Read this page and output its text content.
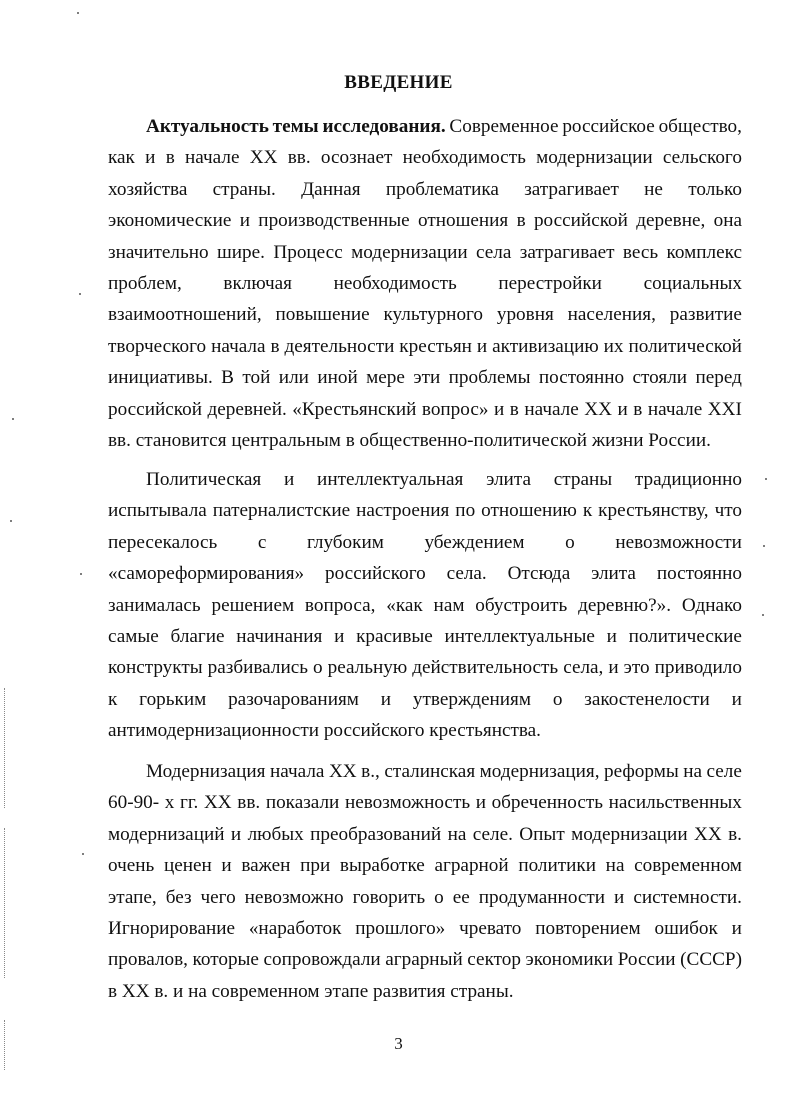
ВВЕДЕНИЕ
Актуальность темы исследования. Современное российское общество,
как и в начале XX вв. осознает необходимость модернизации сельского
хозяйства страны. Данная проблематика затрагивает не только
экономические и производственные отношения в российской деревне, она
значительно шире. Процесс модернизации села затрагивает весь комплекс
проблем, включая необходимость перестройки социальных
взаимоотношений, повышение культурного уровня населения, развитие
творческого начала в деятельности крестьян и активизацию их политической
инициативы. В той или иной мере эти проблемы постоянно стояли перед
российской деревней. «Крестьянский вопрос» и в начале XX и в начале XXI
вв. становится центральным в общественно-политической жизни России.
Политическая и интеллектуальная элита страны традиционно
испытывала патерналистские настроения по отношению к крестьянству, что
пересекалось с глубоким убеждением о невозможности
«самореформирования» российского села. Отсюда элита постоянно
занималась решением вопроса, «как нам обустроить деревню?». Однако
самые благие начинания и красивые интеллектуальные и политические
конструкты разбивались о реальную действительность села, и это приводило
к горьким разочарованиям и утверждениям о закостенелости и
антимодернизационности российского крестьянства.
Модернизация начала XX в., сталинская модернизация, реформы на селе
60-90- х гг. XX вв. показали невозможность и обреченность насильственных
модернизаций и любых преобразований на селе. Опыт модернизации XX в.
очень ценен и важен при выработке аграрной политики на современном
этапе, без чего невозможно говорить о ее продуманности и системности.
Игнорирование «наработок прошлого» чревато повторением ошибок и
провалов, которые сопровождали аграрный сектор экономики России (СССР)
в XX в. и на современном этапе развития страны.
3
